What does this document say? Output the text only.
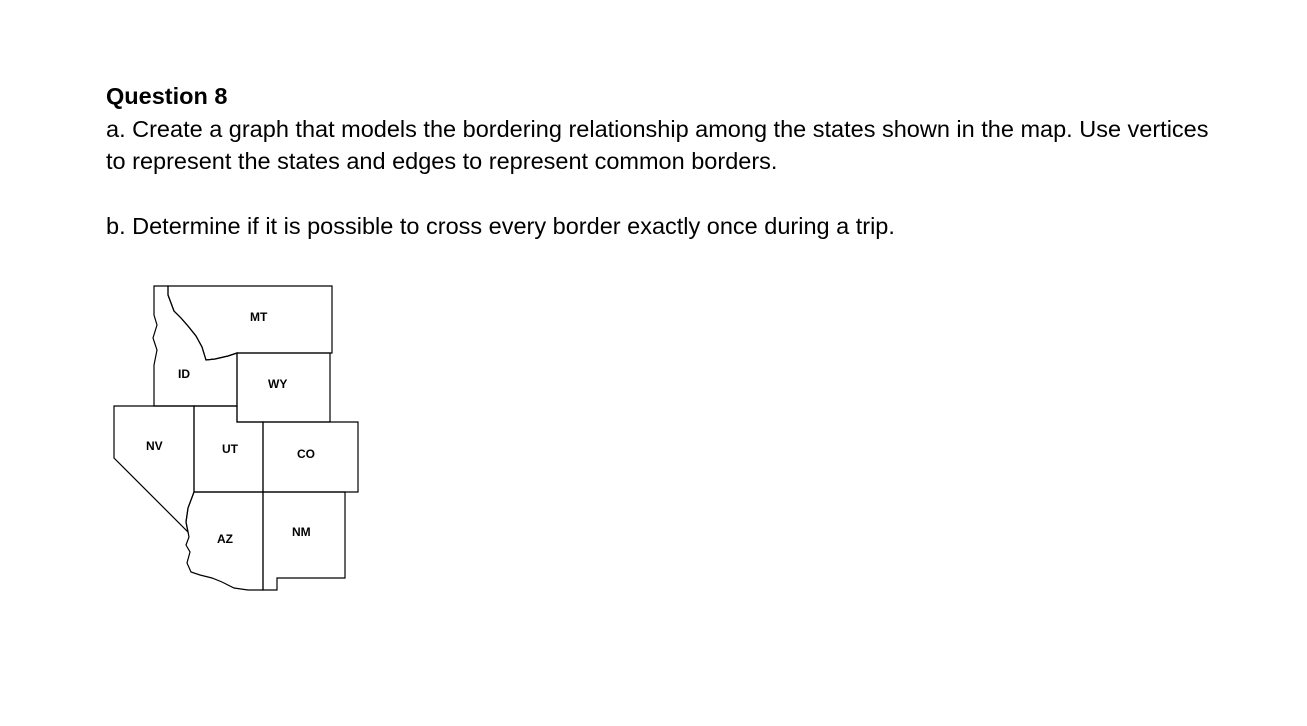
Question 8
a. Create a graph that models the bordering relationship among the states shown in the map. Use vertices to represent the states and edges to represent common borders.
b. Determine if it is possible to cross every border exactly once during a trip.
MT
ID
WY
NV	UT	CO
AZ	NM
